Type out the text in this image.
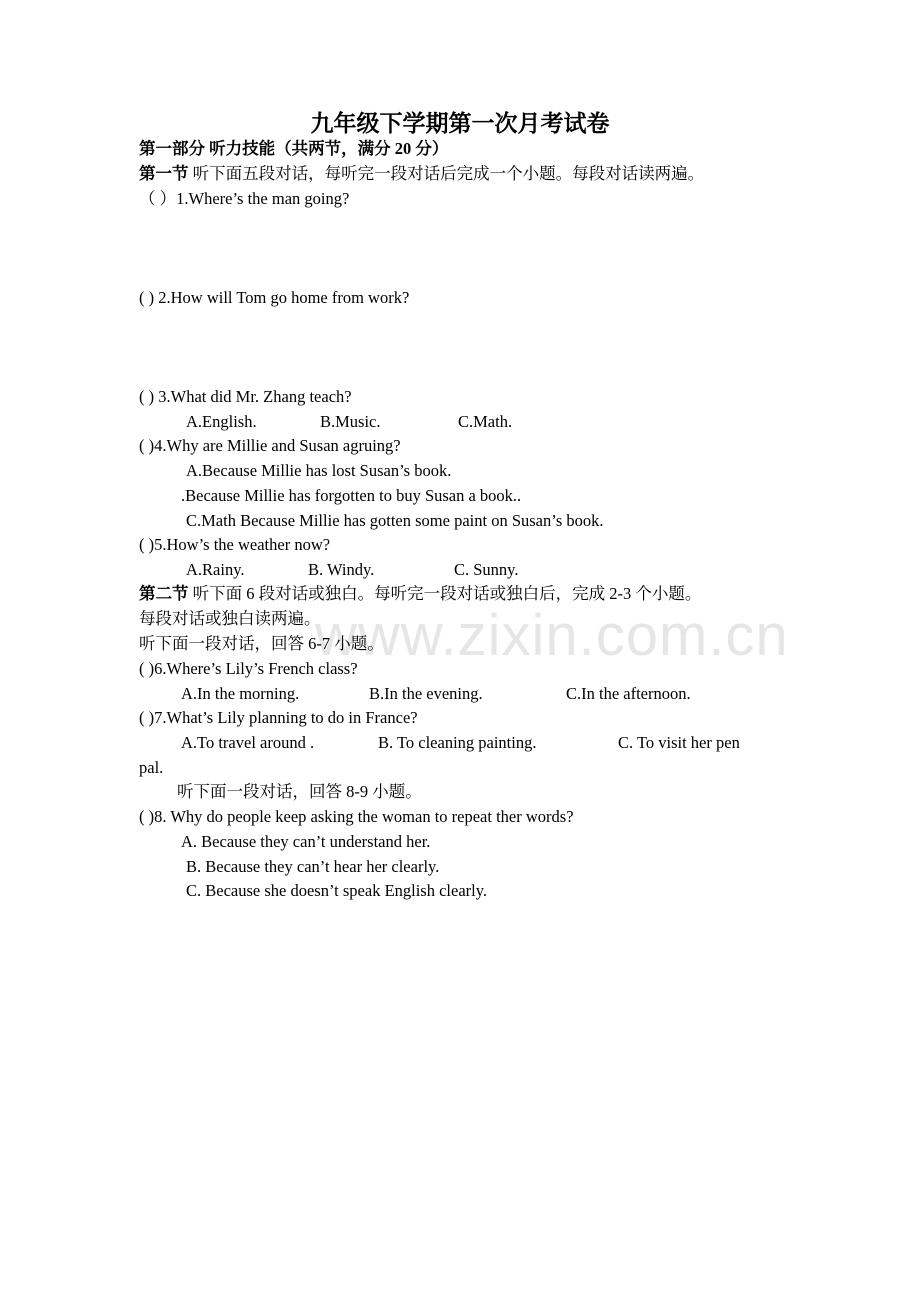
www.zixin.com.cn
九年级下学期第一次月考试卷
第一部分 听力技能（共两节，满分 20 分）
第一节 听下面五段对话，每听完一段对话后完成一个小题。每段对话读两遍。
（ ）1.Where’s the man going?
( ) 2.How will Tom go home from work?
( ) 3.What did Mr. Zhang teach?
A.English.	B.Music.	C.Math.
( )4.Why are Millie and Susan agruing?
A.Because Millie has lost Susan’s book.
.Because Millie has forgotten to buy Susan a book..
C.Math Because Millie has gotten some paint on Susan’s book.
( )5.How’s the weather now?
A.Rainy.	B. Windy.	C. Sunny.
第二节 听下面 6 段对话或独白。每听完一段对话或独白后，完成 2-3 个小题。
每段对话或独白读两遍。
听下面一段对话，回答 6-7 小题。
( )6.Where’s Lily’s French class?
A.In the morning.	B.In the evening.	C.In the afternoon.
( )7.What’s Lily planning to do in France?
A.To travel around .	B. To cleaning painting.	C. To visit her pen
pal.
听下面一段对话，回答 8-9 小题。
( )8. Why do people keep asking the woman to repeat ther words?
A. Because they can’t understand her.
B. Because they can’t hear her clearly.
C. Because she doesn’t speak English clearly.
